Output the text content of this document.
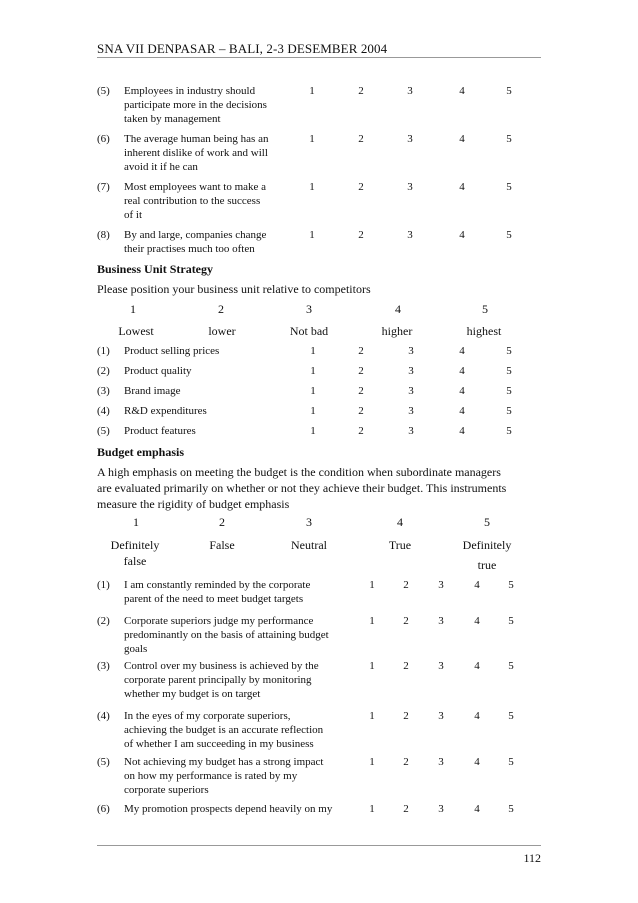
SNA VII DENPASAR – BALI, 2-3 DESEMBER 2004
(5) Employees in industry should
participate more in the decisions
taken by management
1	2	3	4	5
(6) The average human being has an
inherent dislike of work and will
avoid it if he can
1	2	3	4	5
(7) Most employees want to make a
real contribution to the success
of it
1	2	3	4	5
(8) By and large, companies change
their practises much too often
1	2	3	4	5
Business Unit Strategy
Please position your business unit relative to competitors
1
Lowest
2
lower
3
Not bad
4
higher
5
highest
(1) Product selling prices	1	2	3	4	5
(2) Product quality	1	2	3	4	5
(3) Brand image	1	2	3	4	5
(4) R&D expenditures	1	2	3	4	5
(5) Product features	1	2	3	4	5
Budget emphasis
A high emphasis on meeting the budget is the condition when subordinate managers
are evaluated primarily on whether or not they achieve their budget. This instruments
measure the rigidity of budget emphasis
1
Definitely
false
2
False
3
Neutral
4
True
5
Definitely
true
(1) I am constantly reminded by the corporate
parent of the need to meet budget targets
1	2	3	4	5
(2) Corporate superiors judge my performance
predominantly on the basis of attaining budget
goals
1	2	3	4	5
(3) Control over my business is achieved by the
corporate parent principally by monitoring
whether my budget is on target
1	2	3	4	5
(4) In the eyes of my corporate superiors,
achieving the budget is an accurate reflection
of whether I am succeeding in my business
1	2	3	4	5
(5) Not achieving my budget has a strong impact
on how my performance is rated by my
corporate superiors
1	2	3	4	5
(6) My promotion prospects depend heavily on my	1	2	3	4	5
112
